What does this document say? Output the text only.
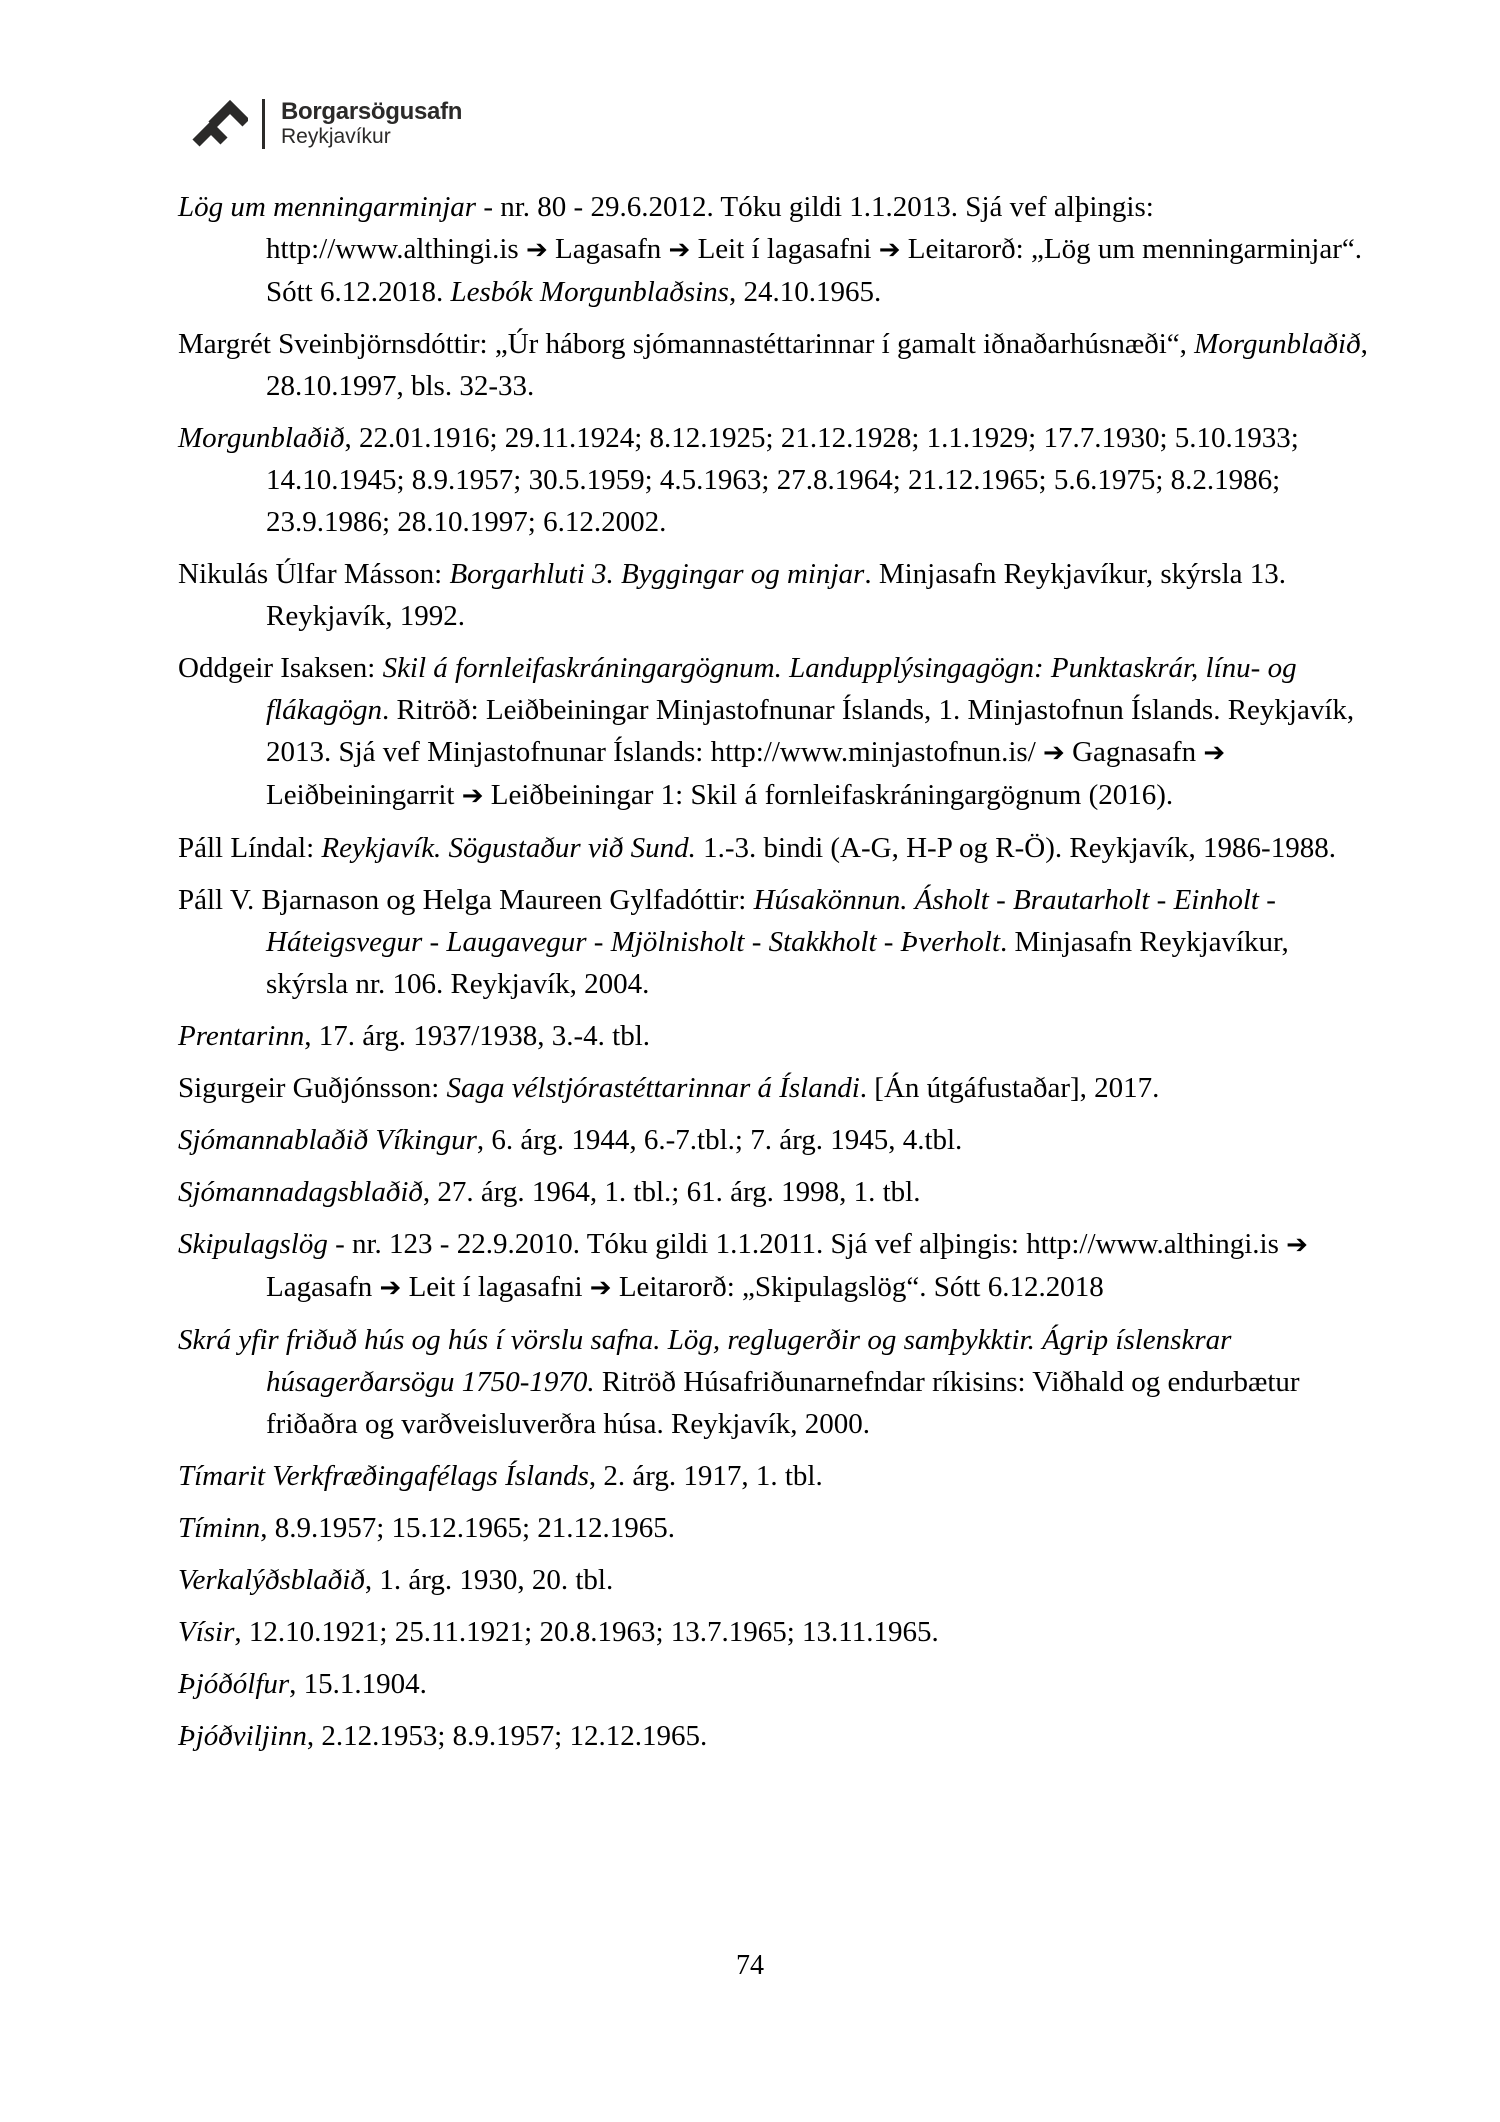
Borgarsögusafn
Reykjavíkur

Lög um menningarminjar - nr. 80 - 29.6.2012. Tóku gildi 1.1.2013. Sjá vef alþingis: http://www.althingi.is ➔ Lagasafn ➔ Leit í lagasafni ➔ Leitarorð: „Lög um menningarminjar“. Sótt 6.12.2018. Lesbók Morgunblaðsins, 24.10.1965.

Margrét Sveinbjörnsdóttir: „Úr háborg sjómannastéttarinnar í gamalt iðnaðarhúsnæði“, Morgunblaðið, 28.10.1997, bls. 32-33.

Morgunblaðið, 22.01.1916; 29.11.1924; 8.12.1925; 21.12.1928; 1.1.1929; 17.7.1930; 5.10.1933; 14.10.1945; 8.9.1957; 30.5.1959; 4.5.1963; 27.8.1964; 21.12.1965; 5.6.1975; 8.2.1986; 23.9.1986; 28.10.1997; 6.12.2002.

Nikulás Úlfar Másson: Borgarhluti 3. Byggingar og minjar. Minjasafn Reykjavíkur, skýrsla 13. Reykjavík, 1992.

Oddgeir Isaksen: Skil á fornleifaskráningargögnum. Landupplýsingagögn: Punktaskrár, línu- og flákagögn. Ritröð: Leiðbeiningar Minjastofnunar Íslands, 1. Minjastofnun Íslands. Reykjavík, 2013. Sjá vef Minjastofnunar Íslands: http://www.minjastofnun.is/ ➔ Gagnasafn ➔ Leiðbeiningarrit ➔ Leiðbeiningar 1: Skil á fornleifaskráningargögnum (2016).

Páll Líndal: Reykjavík. Sögustaður við Sund. 1.-3. bindi (A-G, H-P og R-Ö). Reykjavík, 1986-1988.

Páll V. Bjarnason og Helga Maureen Gylfadóttir: Húsakönnun. Ásholt - Brautarholt - Einholt - Háteigsvegur - Laugavegur - Mjölnisholt - Stakkholt - Þverholt. Minjasafn Reykjavíkur, skýrsla nr. 106. Reykjavík, 2004.

Prentarinn, 17. árg. 1937/1938, 3.-4. tbl.

Sigurgeir Guðjónsson: Saga vélstjórastéttarinnar á Íslandi. [Án útgáfustaðar], 2017.

Sjómannablaðið Víkingur, 6. árg. 1944, 6.-7.tbl.; 7. árg. 1945, 4.tbl.

Sjómannadagsblaðið, 27. árg. 1964, 1. tbl.; 61. árg. 1998, 1. tbl.

Skipulagslög - nr. 123 - 22.9.2010. Tóku gildi 1.1.2011. Sjá vef alþingis: http://www.althingi.is ➔ Lagasafn ➔ Leit í lagasafni ➔ Leitarorð: „Skipulagslög“. Sótt 6.12.2018

Skrá yfir friðuð hús og hús í vörslu safna. Lög, reglugerðir og samþykktir. Ágrip íslenskrar húsagerðarsögu 1750-1970. Ritröð Húsafriðunarnefndar ríkisins: Viðhald og endurbætur friðaðra og varðveisluverðra húsa. Reykjavík, 2000.

Tímarit Verkfræðingafélags Íslands, 2. árg. 1917, 1. tbl.

Tíminn, 8.9.1957; 15.12.1965; 21.12.1965.

Verkalýðsblaðið, 1. árg. 1930, 20. tbl.

Vísir, 12.10.1921; 25.11.1921; 20.8.1963; 13.7.1965; 13.11.1965.

Þjóðólfur, 15.1.1904.

Þjóðviljinn, 2.12.1953; 8.9.1957; 12.12.1965.

74
